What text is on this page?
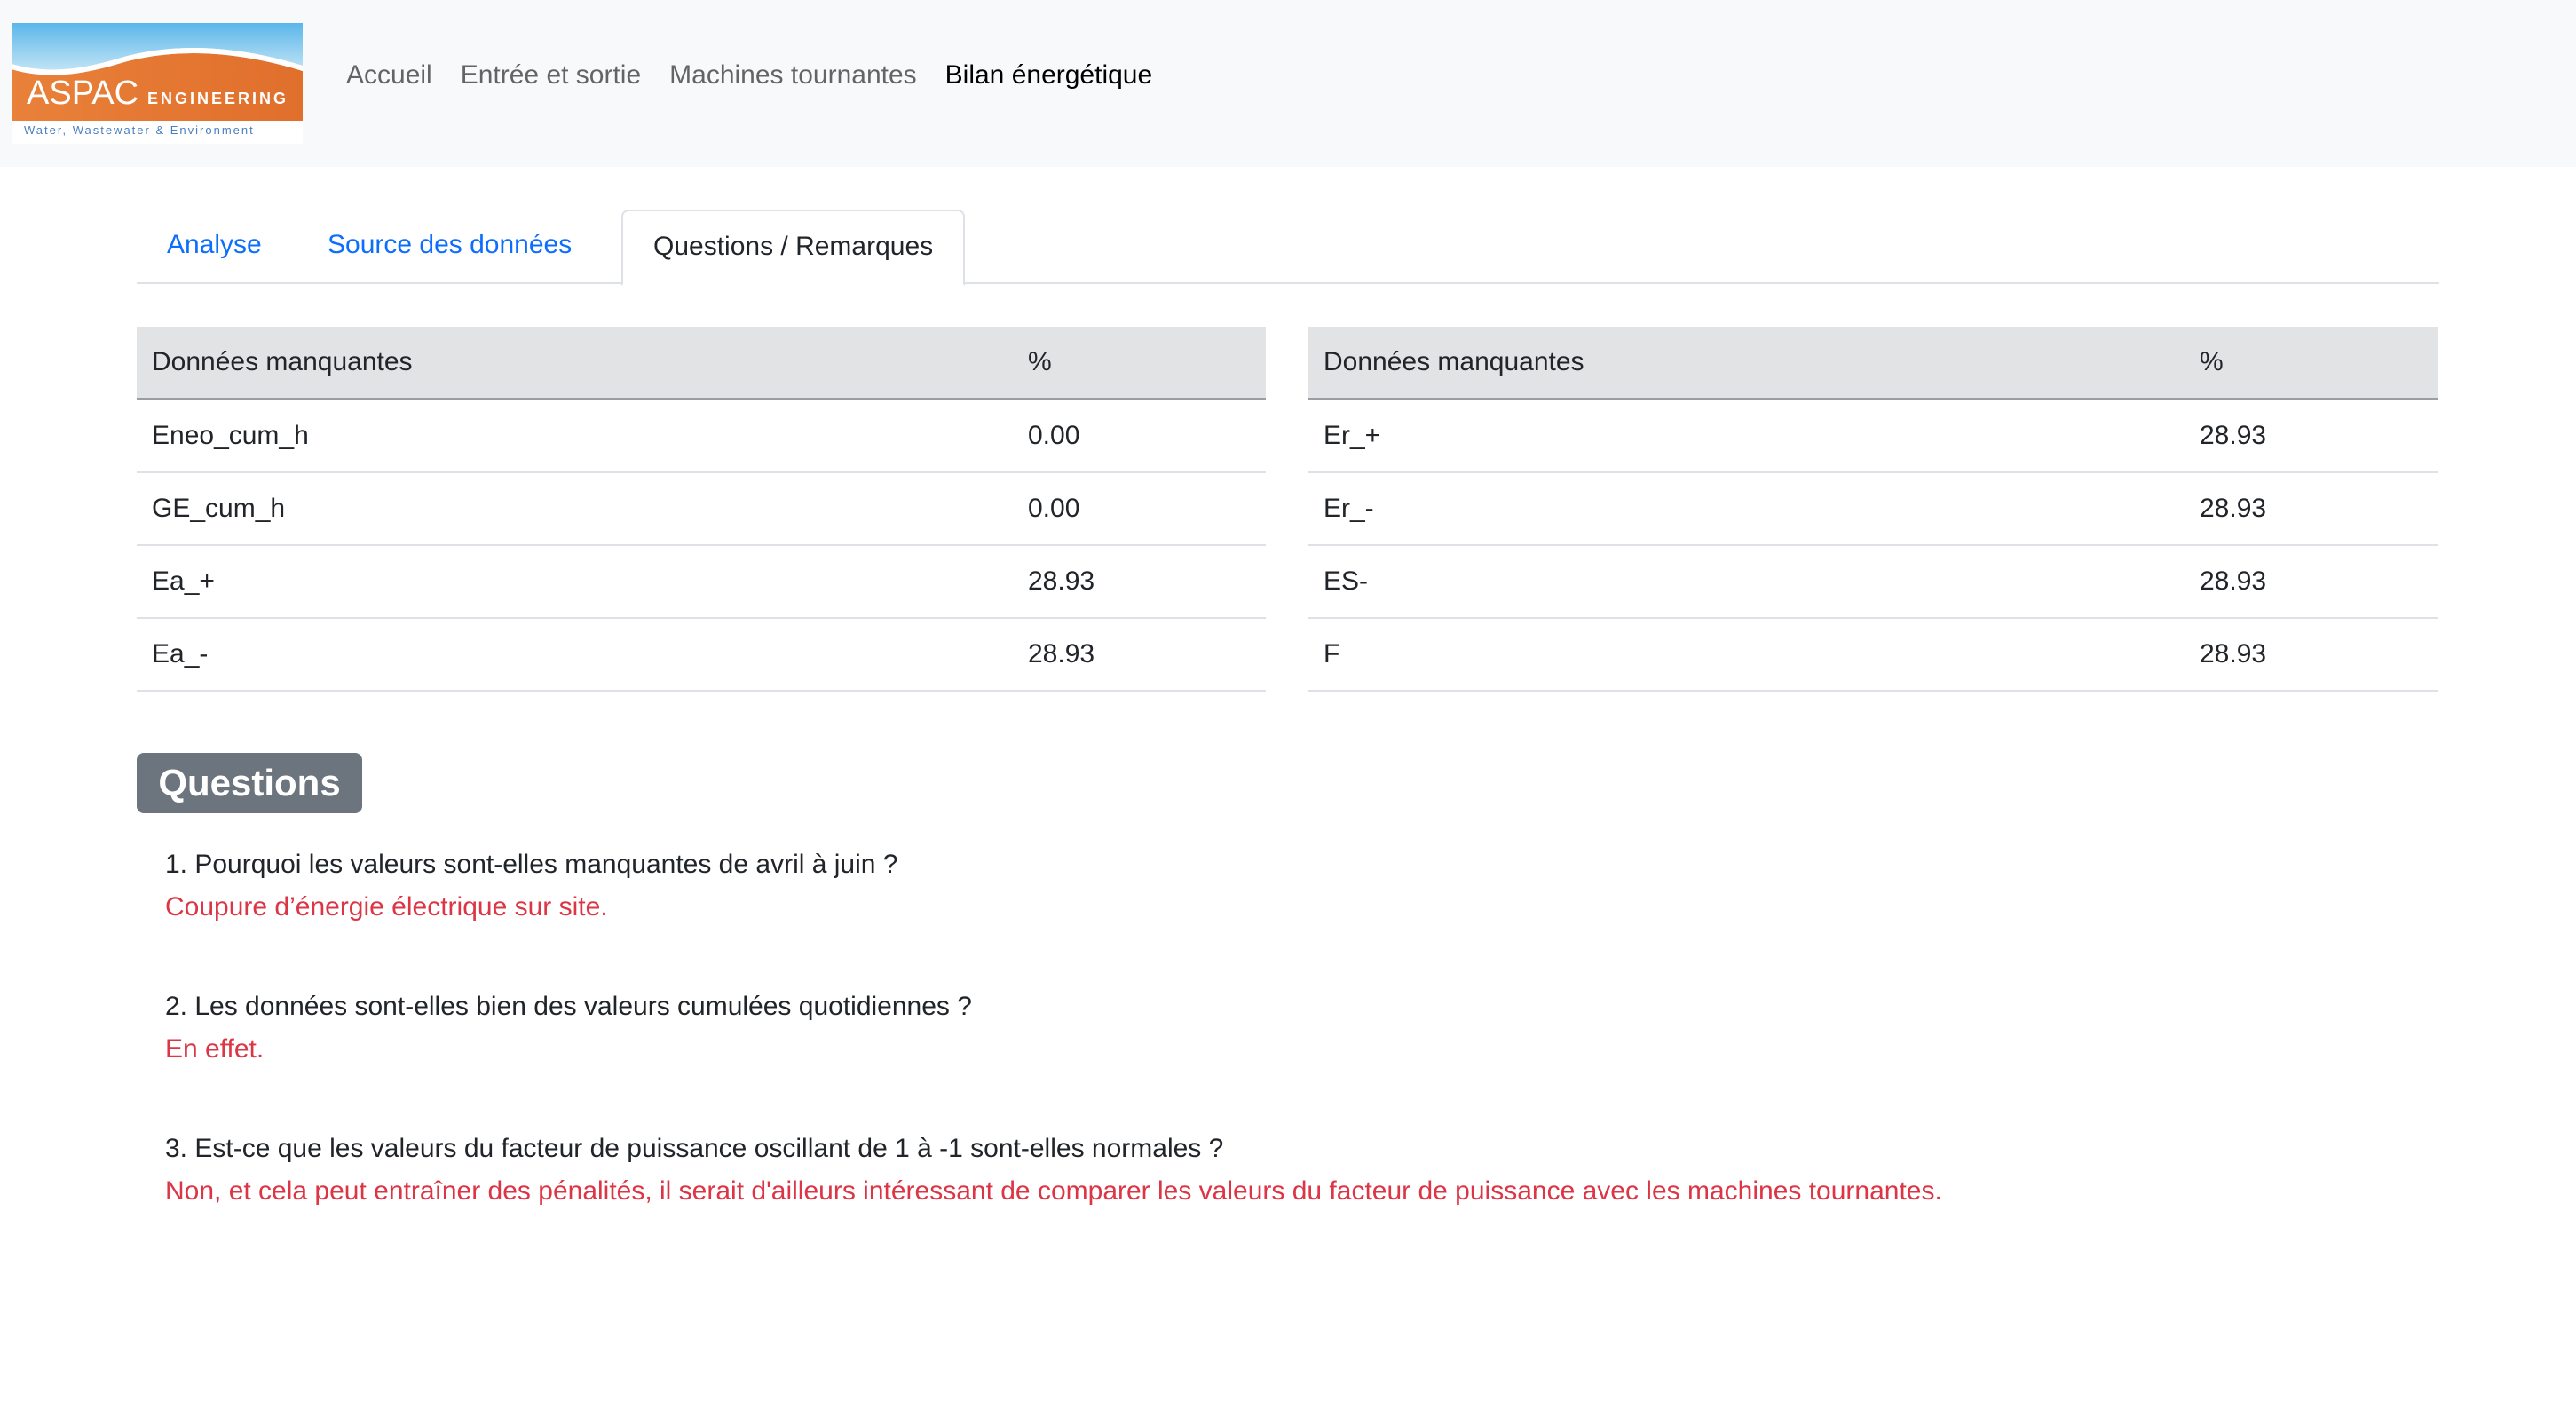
ASPAC ENGINEERING
Water, Wastewater & Environment
Accueil Entrée et sortie Machines tournantes Bilan énergétique
Analyse Source des données	Questions / Remarques
Données manquantes	%
Eneo_cum_h	0.00
GE_cum_h	0.00
Ea_+	28.93
Ea_-	28.93
Données manquantes	%
Er_+	28.93
Er_-	28.93
ES-	28.93
F	28.93
Questions
1. Pourquoi les valeurs sont-elles manquantes de avril à juin ?
Coupure d’énergie électrique sur site.
2. Les données sont-elles bien des valeurs cumulées quotidiennes ?
En effet.
3. Est-ce que les valeurs du facteur de puissance oscillant de 1 à -1 sont-elles normales ?
Non, et cela peut entraîner des pénalités, il serait d'ailleurs intéressant de comparer les valeurs du facteur de puissance avec les machines tournantes.
